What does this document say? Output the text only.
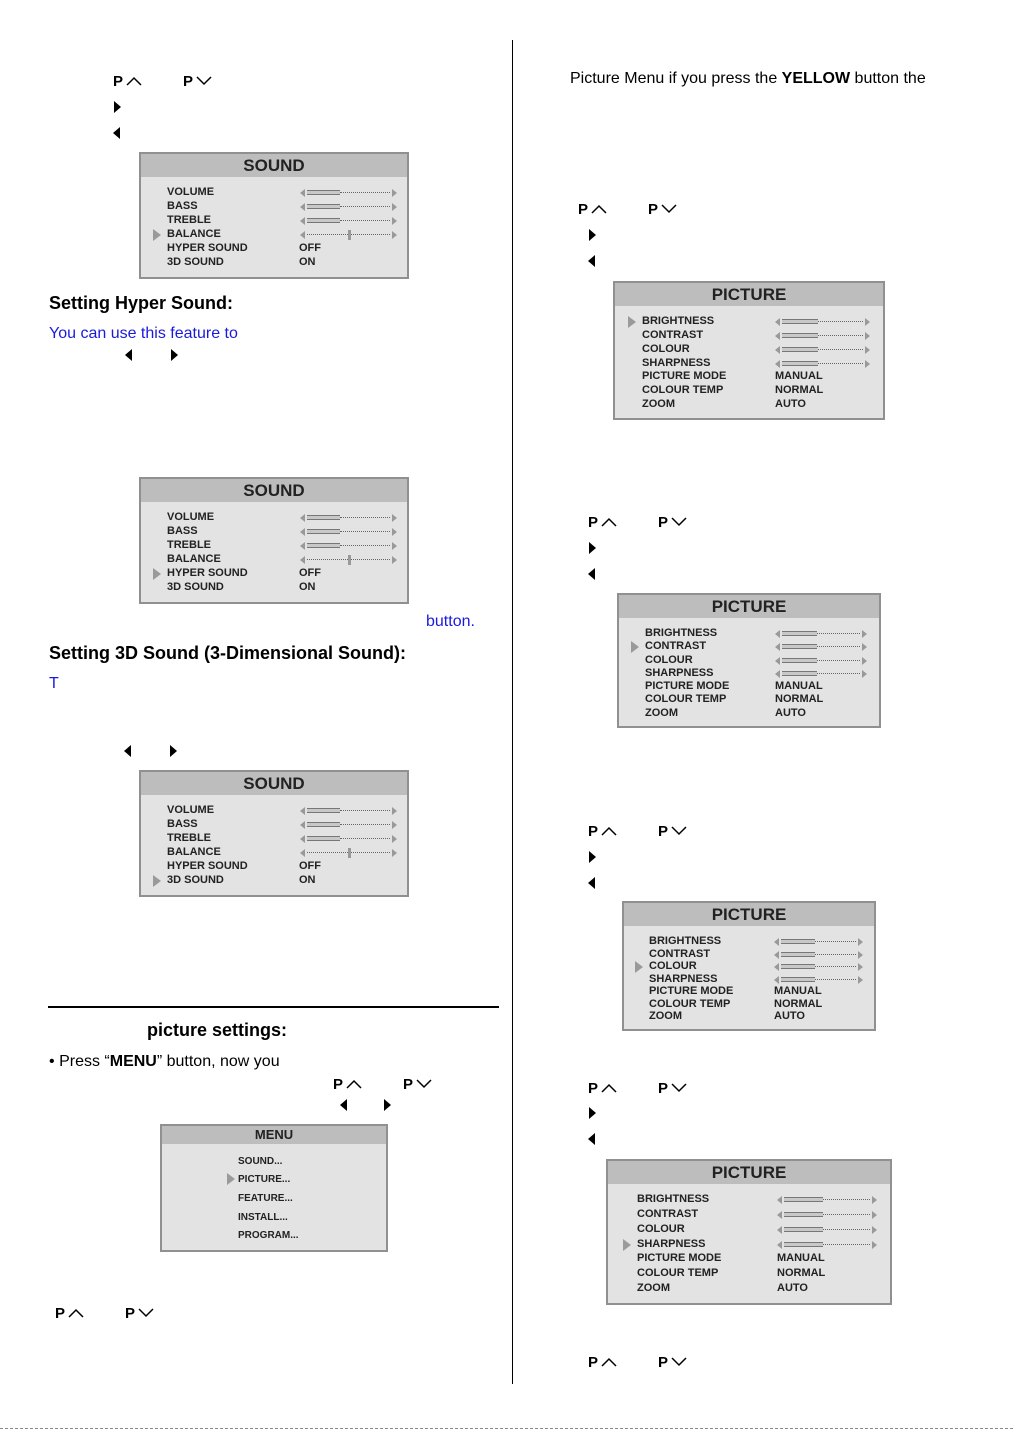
P	P
SOUND
VOLUME
BASS
TREBLE
BALANCE
HYPER SOUND	OFF
3D SOUND	ON
Setting Hyper Sound:
You can use this feature to
SOUND
VOLUME
BASS
TREBLE
BALANCE
HYPER SOUND	OFF
3D SOUND	ON
button.
Setting 3D Sound (3-Dimensional Sound):
T
SOUND
VOLUME
BASS
TREBLE
BALANCE
HYPER SOUND	OFF
3D SOUND	ON
picture settings:
• Press “MENU” button, now you
P	P
MENU
SOUND...
PICTURE...
FEATURE...
INSTALL...
PROGRAM...
P	P
Picture Menu if you press the YELLOW button the
P	P
PICTURE
BRIGHTNESS
CONTRAST
COLOUR
SHARPNESS
PICTURE MODE	MANUAL
COLOUR TEMP	NORMAL
ZOOM	AUTO
P	P
PICTURE
BRIGHTNESS
CONTRAST
COLOUR
SHARPNESS
PICTURE MODE	MANUAL
COLOUR TEMP	NORMAL
ZOOM	AUTO
P	P
PICTURE
BRIGHTNESS
CONTRAST
COLOUR
SHARPNESS
PICTURE MODE	MANUAL
COLOUR TEMP	NORMAL
ZOOM	AUTO
P	P
PICTURE
BRIGHTNESS
CONTRAST
COLOUR
SHARPNESS
PICTURE MODE	MANUAL
COLOUR TEMP	NORMAL
ZOOM	AUTO
P	P
